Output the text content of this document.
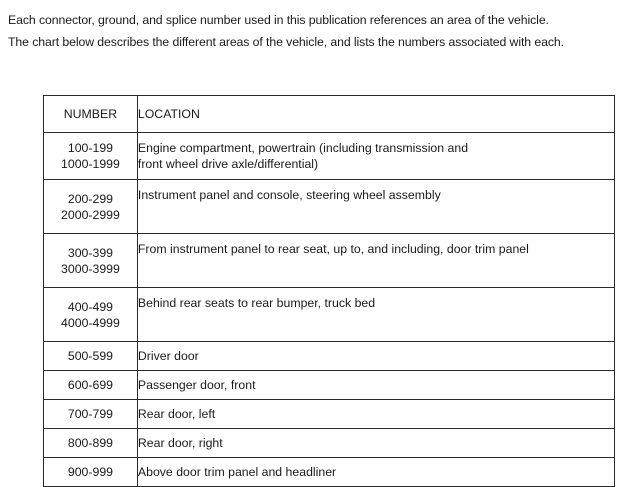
Each connector, ground, and splice number used in this publication references an area of the vehicle.

The chart below describes the different areas of the vehicle, and lists the numbers associated with each.

NUMBER	LOCATION

100-199
1000-1999	Engine compartment, powertrain (including transmission and
front wheel drive axle/differential)

200-299
2000-2999	Instrument panel and console, steering wheel assembly

300-399
3000-3999	From instrument panel to rear seat, up to, and including, door trim panel

400-499
4000-4999	Behind rear seats to rear bumper, truck bed

500-599	Driver door
600-699	Passenger door, front
700-799	Rear door, left
800-899	Rear door, right
900-999	Above door trim panel and headliner
